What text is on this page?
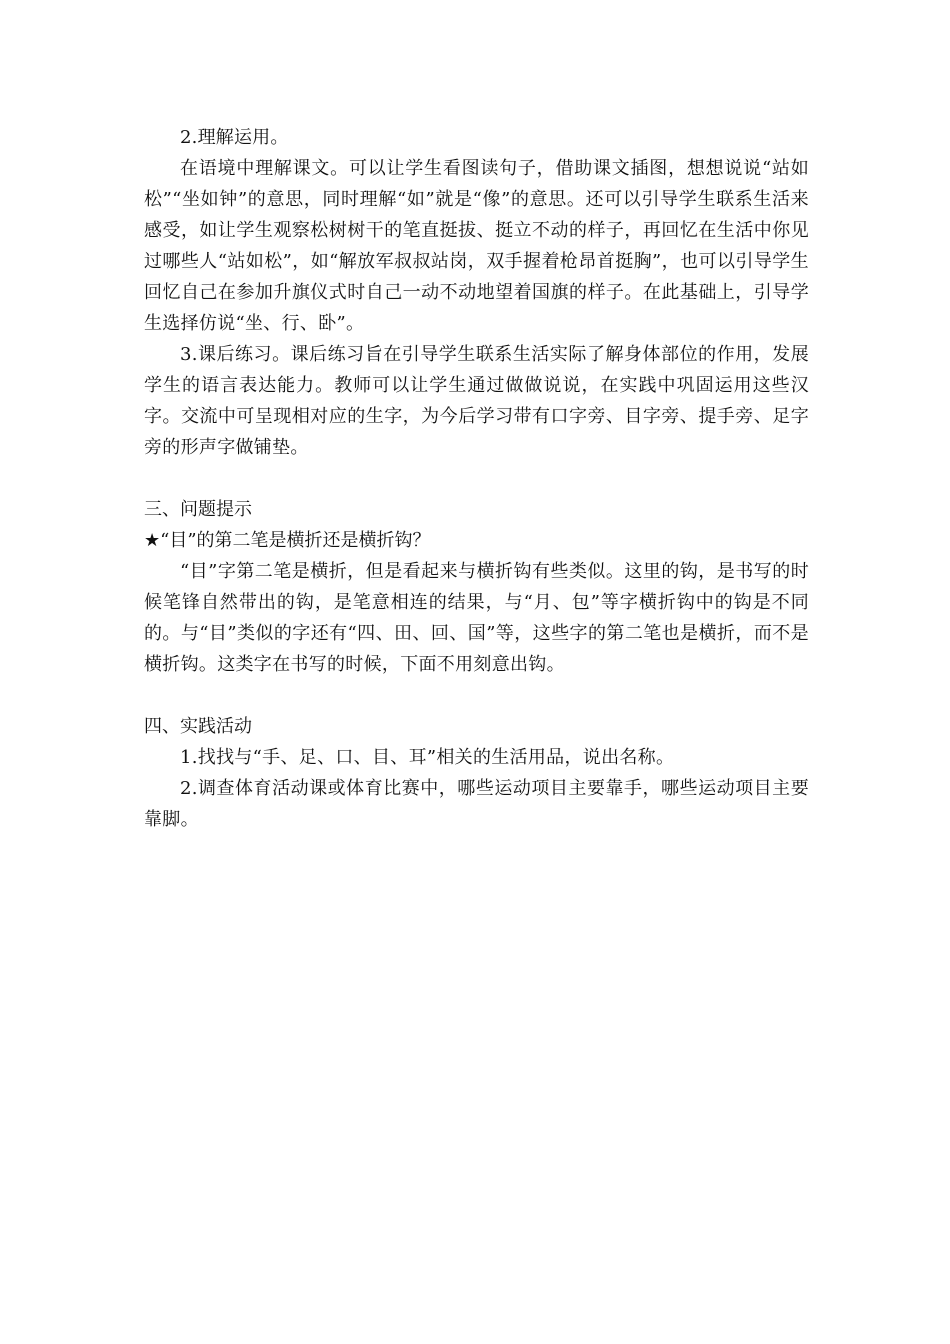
2.理解运用。

在语境中理解课文。可以让学生看图读句子，借助课文插图，想想说说“站如松”“坐如钟”的意思，同时理解“如”就是“像”的意思。还可以引导学生联系生活来感受，如让学生观察松树树干的笔直挺拔、挺立不动的样子，再回忆在生活中你见过哪些人“站如松”，如“解放军叔叔站岗，双手握着枪昂首挺胸”，也可以引导学生回忆自己在参加升旗仪式时自己一动不动地望着国旗的样子。在此基础上，引导学生选择仿说“坐、行、卧”。

3.课后练习。课后练习旨在引导学生联系生活实际了解身体部位的作用，发展学生的语言表达能力。教师可以让学生通过做做说说，在实践中巩固运用这些汉字。交流中可呈现相对应的生字，为今后学习带有口字旁、目字旁、提手旁、足字旁的形声字做铺垫。

三、问题提示

★“目”的第二笔是横折还是横折钩？

“目”字第二笔是横折，但是看起来与横折钩有些类似。这里的钩，是书写的时候笔锋自然带出的钩，是笔意相连的结果，与“月、包”等字横折钩中的钩是不同的。与“目”类似的字还有“四、田、回、国”等，这些字的第二笔也是横折，而不是横折钩。这类字在书写的时候，下面不用刻意出钩。

四、实践活动

1.找找与“手、足、口、目、耳”相关的生活用品，说出名称。

2.调查体育活动课或体育比赛中，哪些运动项目主要靠手，哪些运动项目主要靠脚。
